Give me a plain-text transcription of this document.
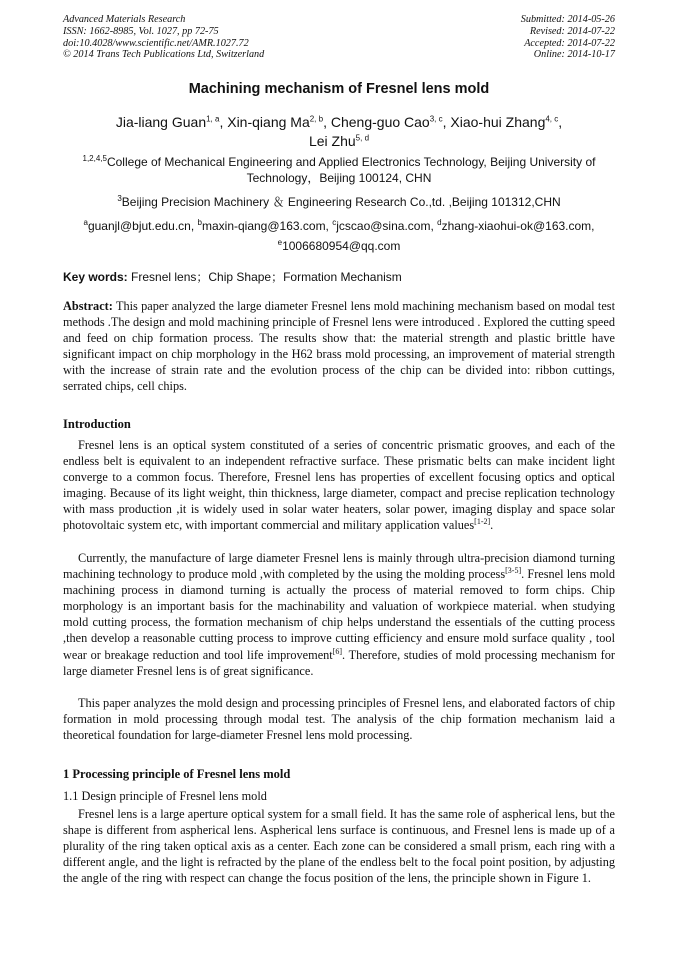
Advanced Materials Research
ISSN: 1662-8985, Vol. 1027, pp 72-75
doi:10.4028/www.scientific.net/AMR.1027.72
© 2014 Trans Tech Publications Ltd, Switzerland
Submitted: 2014-05-26
Revised: 2014-07-22
Accepted: 2014-07-22
Online: 2014-10-17
Machining mechanism of Fresnel lens mold
Jia-liang Guan$^{1, a}$, Xin-qiang Ma$^{2, b}$, Cheng-guo Cao$^{3, c}$, Xiao-hui Zhang$^{4, c}$,
Lei Zhu$^{5, d}$
$^{1,2,4,5}$College of Mechanical Engineering and Applied Electronics Technology, Beijing University of Technology，Beijing 100124, CHN
$^3$Beijing Precision Machinery ＆ Engineering Research Co.,td. ,Beijing 101312,CHN
$^a$guanjl@bjut.edu.cn, $^b$maxin-qiang@163.com, $^c$jcscao@sina.com, $^d$zhang-xiaohui-ok@163.com,
$^e$1006680954@qq.com
Key words: Fresnel lens；Chip Shape；Formation Mechanism
Abstract: This paper analyzed the large diameter Fresnel lens mold machining mechanism based on modal test methods .The design and mold machining principle of Fresnel lens were introduced . Explored the cutting speed and feed on chip formation process. The results show that: the material strength and plastic brittle have significant impact on chip morphology in the H62 brass mold processing, an improvement of material strength with the increase of strain rate and the evolution process of the chip can be divided into: ribbon cuttings, serrated chips, cell chips.
Introduction
Fresnel lens is an optical system constituted of a series of concentric prismatic grooves, and each of the endless belt is equivalent to an independent refractive surface. These prismatic belts can make incident light converge to a common focus. Therefore, Fresnel lens has properties of excellent focusing optics and optical imaging. Because of its light weight, thin thickness, large diameter, compact and precise replication technology with mass production ,it is widely used in solar water heaters, solar power, imaging display and space solar photovoltaic system etc, with important commercial and military application values[1-2].
Currently, the manufacture of large diameter Fresnel lens is mainly through ultra-precision diamond turning machining technology to produce mold ,with completed by the using the molding process[3-5]. Fresnel lens mold machining process in diamond turning is actually the process of material removed to form chips. Chip morphology is an important basis for the machinability and valuation of workpiece material. when studying mold cutting process, the formation mechanism of chip helps understand the essentials of the cutting process ,then develop a reasonable cutting process to improve cutting efficiency and ensure mold surface quality , tool wear or breakage reduction and tool life improvement[6]. Therefore, studies of mold processing mechanism for large diameter Fresnel lens is of great significance.
This paper analyzes the mold design and processing principles of Fresnel lens, and elaborated factors of chip formation in mold processing through modal test. The analysis of the chip formation mechanism laid a theoretical foundation for large-diameter Fresnel lens mold processing.
1 Processing principle of Fresnel lens mold
1.1 Design principle of Fresnel lens mold
Fresnel lens is a large aperture optical system for a small field. It has the same role of aspherical lens, but the shape is different from aspherical lens. Aspherical lens surface is continuous, and Fresnel lens is made up of a plurality of the ring taken optical axis as a center. Each zone can be considered a small prism, each ring with a different angle, and the light is refracted by the plane of the endless belt to the focal point position, by adjusting the angle of the ring with respect can change the focus position of the lens, the principle shown in Figure 1.
